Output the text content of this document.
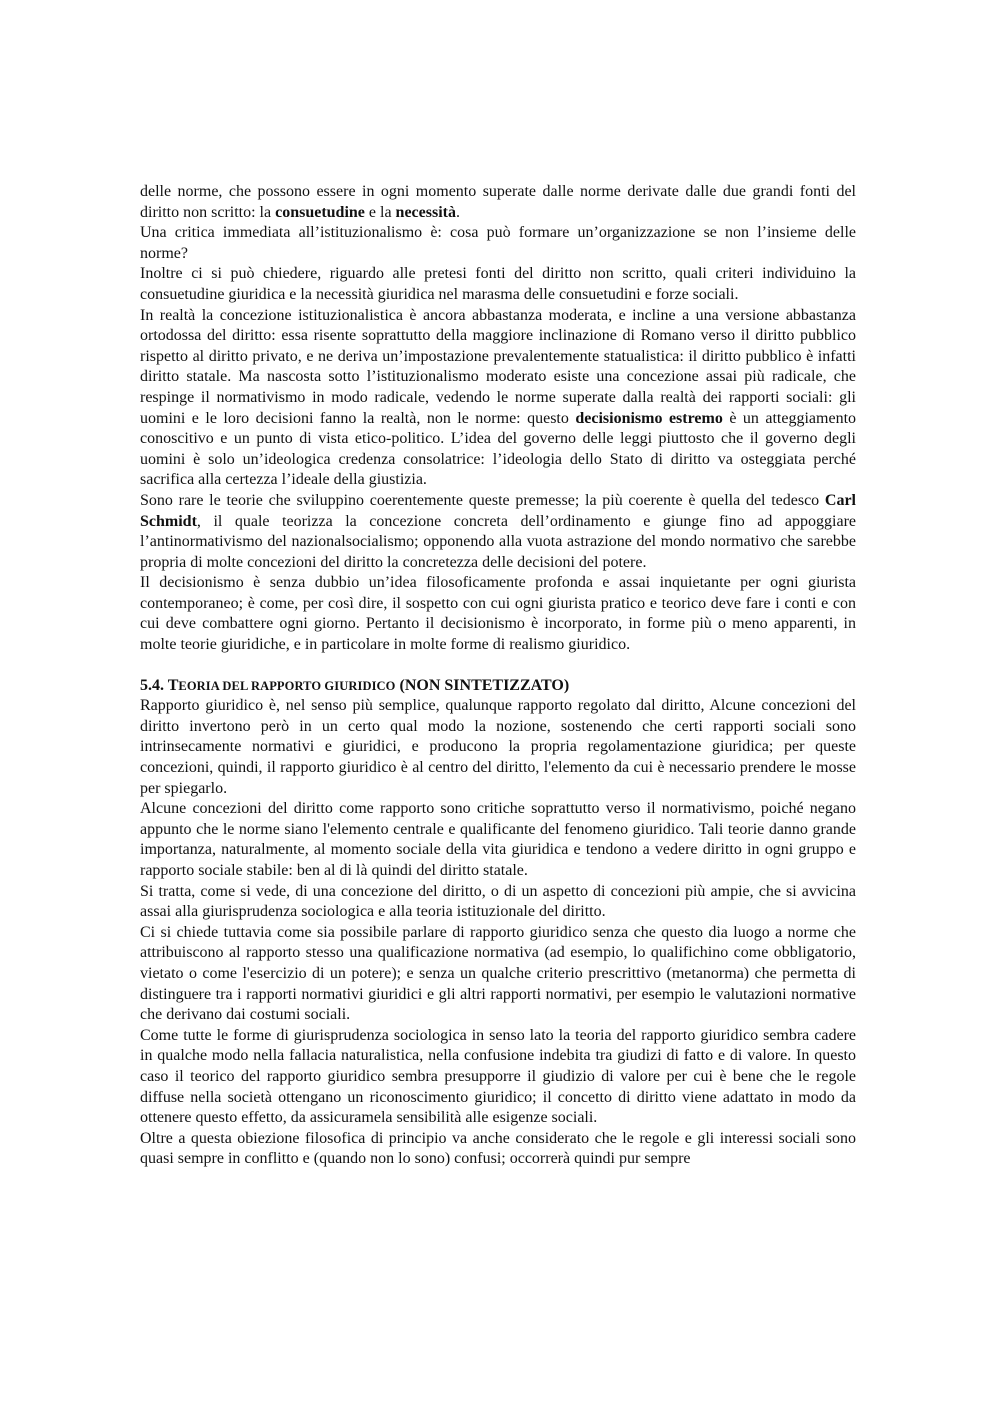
delle norme, che possono essere in ogni momento superate dalle norme derivate dalle due grandi fonti del diritto non scritto: la consuetudine e la necessità.

Una critica immediata all’istituzionalismo è: cosa può formare un’organizzazione se non l’insieme delle norme?

Inoltre ci si può chiedere, riguardo alle pretesi fonti del diritto non scritto, quali criteri individuino la consuetudine giuridica e la necessità giuridica nel marasma delle consuetudini e forze sociali.

In realtà la concezione istituzionalistica è ancora abbastanza moderata, e incline a una versione abbastanza ortodossa del diritto: essa risente soprattutto della maggiore inclinazione di Romano verso il diritto pubblico rispetto al diritto privato, e ne deriva un’impostazione prevalentemente statualistica: il diritto pubblico è infatti diritto statale. Ma nascosta sotto l’istituzionalismo moderato esiste una concezione assai più radicale, che respinge il normativismo in modo radicale, vedendo le norme superate dalla realtà dei rapporti sociali: gli uomini e le loro decisioni fanno la realtà, non le norme: questo decisionismo estremo è un atteggiamento conoscitivo e un punto di vista etico-politico. L’idea del governo delle leggi piuttosto che il governo degli uomini è solo un’ideologica credenza consolatrice: l’ideologia dello Stato di diritto va osteggiata perché sacrifica alla certezza l’ideale della giustizia.

Sono rare le teorie che sviluppino coerentemente queste premesse; la più coerente è quella del tedesco Carl Schmidt, il quale teorizza la concezione concreta dell’ordinamento e giunge fino ad appoggiare l’antinormativismo del nazionalsocialismo; opponendo alla vuota astrazione del mondo normativo che sarebbe propria di molte concezioni del diritto la concretezza delle decisioni del potere.

Il decisionismo è senza dubbio un’idea filosoficamente profonda e assai inquietante per ogni giurista contemporaneo; è come, per così dire, il sospetto con cui ogni giurista pratico e teorico deve fare i conti e con cui deve combattere ogni giorno. Pertanto il decisionismo è incorporato, in forme più o meno apparenti, in molte teorie giuridiche, e in particolare in molte forme di realismo giuridico.

5.4. TEORIA DEL RAPPORTO GIURIDICO (NON SINTETIZZATO)

Rapporto giuridico è, nel senso più semplice, qualunque rapporto regolato dal diritto, Alcune concezioni del diritto invertono però in un certo qual modo la nozione, sostenendo che certi rapporti sociali sono intrinsecamente normativi e giuridici, e producono la propria regolamentazione giuridica; per queste concezioni, quindi, il rapporto giuridico è al centro del diritto, l'elemento da cui è necessario prendere le mosse per spiegarlo.

Alcune concezioni del diritto come rapporto sono critiche soprattutto verso il normativismo, poiché negano appunto che le norme siano l'elemento centrale e qualificante del fenomeno giuridico. Tali teorie danno grande importanza, naturalmente, al momento sociale della vita giuridica e tendono a vedere diritto in ogni gruppo e rapporto sociale stabile: ben al di là quindi del diritto statale.

Si tratta, come si vede, di una concezione del diritto, o di un aspetto di concezioni più ampie, che si avvicina assai alla giurisprudenza sociologica e alla teoria istituzionale del diritto.

Ci si chiede tuttavia come sia possibile parlare di rapporto giuridico senza che questo dia luogo a norme che attribuiscono al rapporto stesso una qualificazione normativa (ad esempio, lo qualifichino come obbligatorio, vietato o come l'esercizio di un potere); e senza un qualche criterio prescrittivo (metanorma) che permetta di distinguere tra i rapporti normativi giuridici e gli altri rapporti normativi, per esempio le valutazioni normative che derivano dai costumi sociali.

Come tutte le forme di giurisprudenza sociologica in senso lato la teoria del rapporto giuridico sembra cadere in qualche modo nella fallacia naturalistica, nella confusione indebita tra giudizi di fatto e di valore. In questo caso il teorico del rapporto giuridico sembra presupporre il giudizio di valore per cui è bene che le regole diffuse nella società ottengano un riconoscimento giuridico; il concetto di diritto viene adattato in modo da ottenere questo effetto, da assicuramela sensibilità alle esigenze sociali.

Oltre a questa obiezione filosofica di principio va anche considerato che le regole e gli interessi sociali sono quasi sempre in conflitto e (quando non lo sono) confusi; occorrerà quindi pur sempre
